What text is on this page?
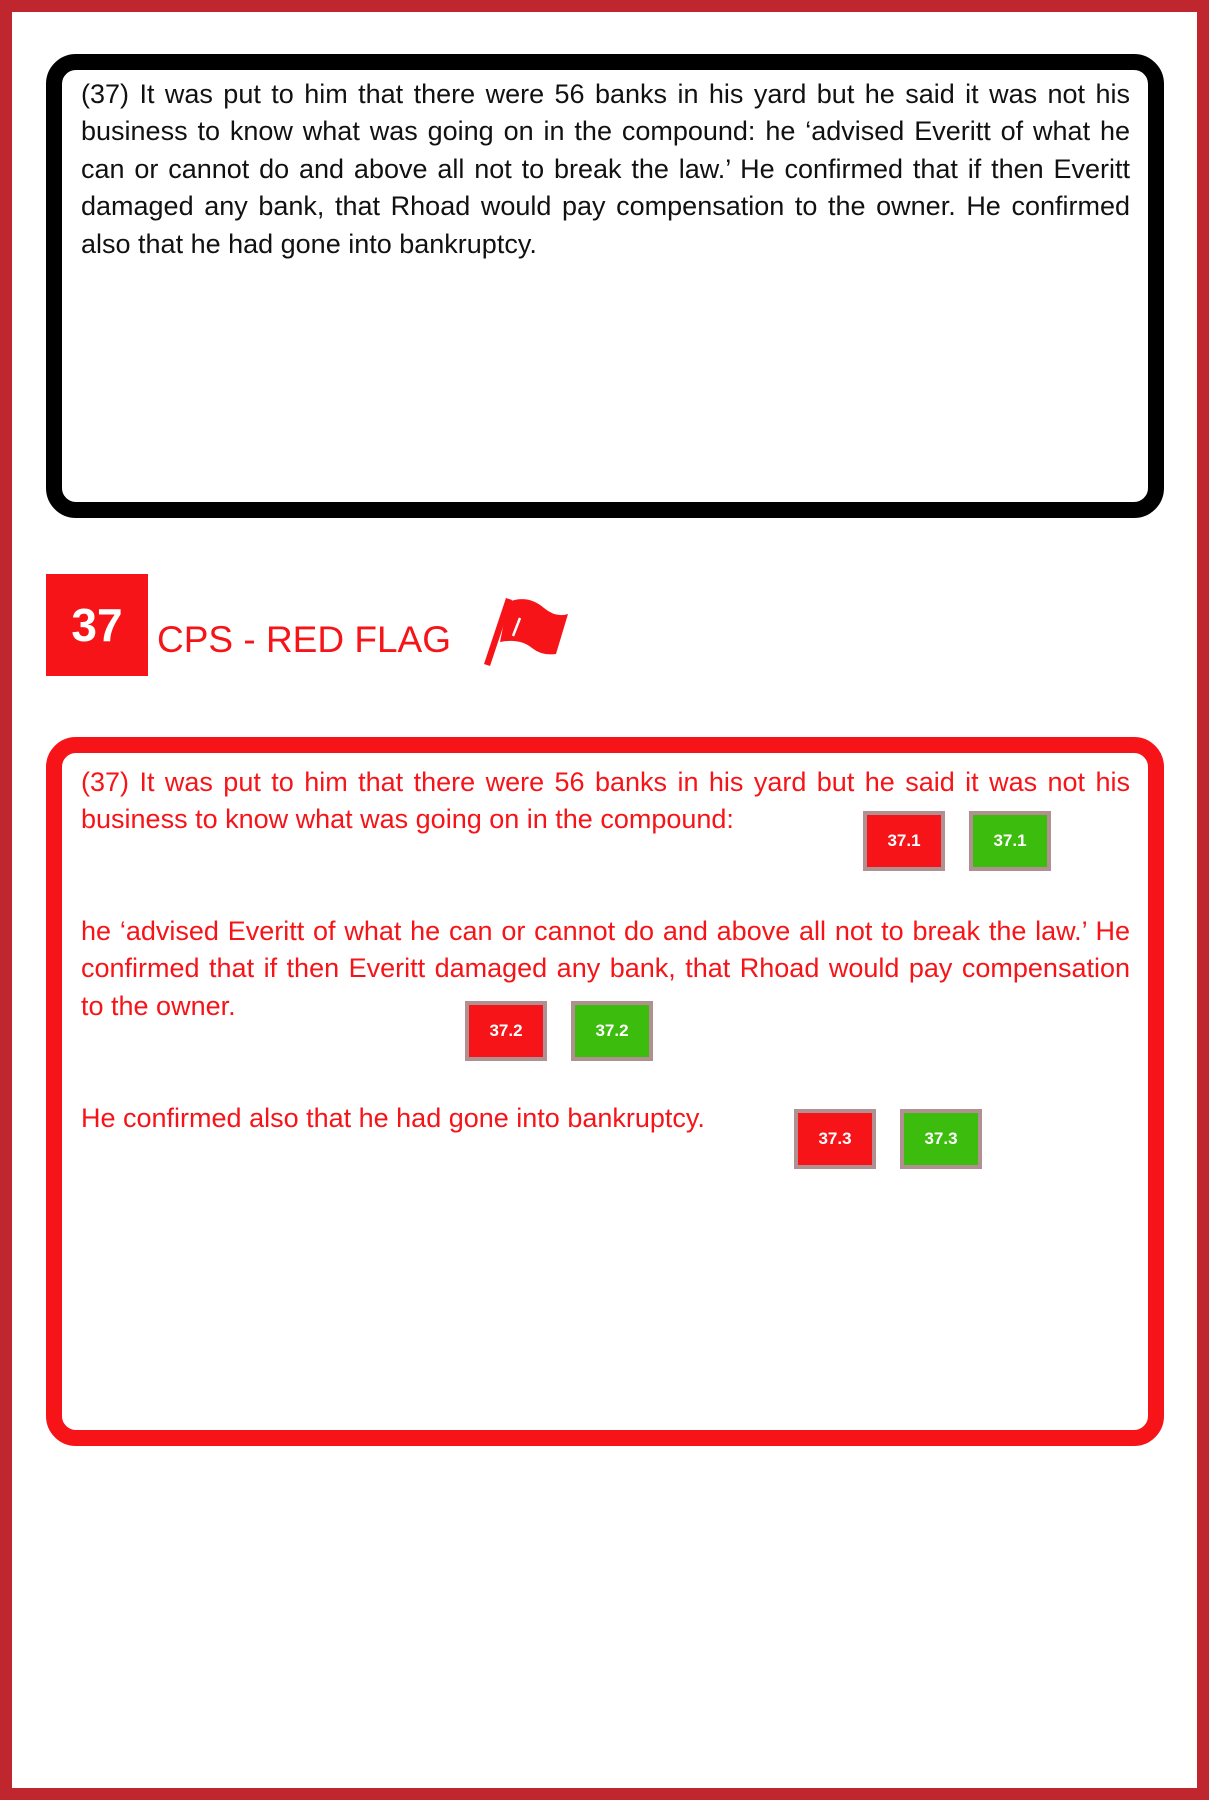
(37) It was put to him that there were 56 banks in his yard but he said it was not his business to know what was going on in the compound: he ‘advised Everitt of what he can or cannot do and above all not to break the law.’ He confirmed that if then Everitt damaged any bank, that Rhoad would pay compensation to the owner. He confirmed also that he had gone into bankruptcy.

37 CPS - RED FLAG

(37) It was put to him that there were 56 banks in his yard but he said it was not his business to know what was going on in the compound:

he ‘advised Everitt of what he can or cannot do and above all not to break the law.’ He confirmed that if then Everitt damaged any bank, that Rhoad would pay compensation to the owner.

He confirmed also that he had gone into bankruptcy.

37.1	37.1
37.2	37.2
37.3	37.3
